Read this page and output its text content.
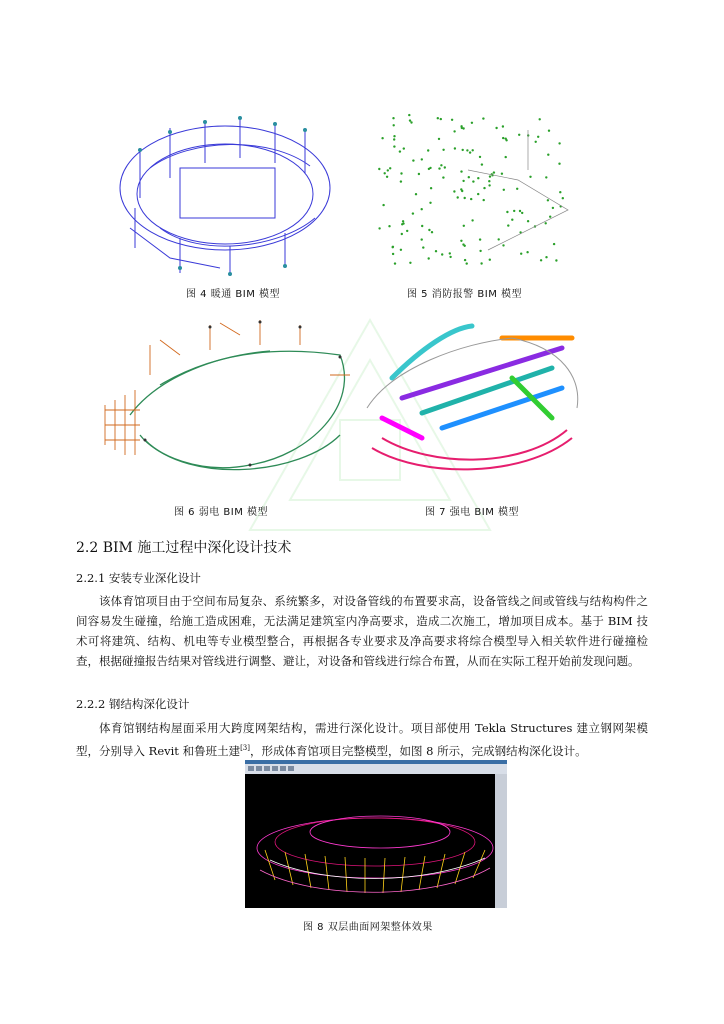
图 4 暖通 BIM 模型	图 5 消防报警 BIM 模型
图 6 弱电 BIM 模型	图 7 强电 BIM 模型
2.2 BIM 施工过程中深化设计技术
2.2.1 安装专业深化设计

该体育馆项目由于空间布局复杂、系统繁多，对设备管线的布置要求高，设备管线之间或管线与结构构件之间容易发生碰撞，给施工造成困难，无法满足建筑室内净高要求，造成二次施工，增加项目成本。基于 BIM 技术可将建筑、结构、机电等专业模型整合，再根据各专业要求及净高要求将综合模型导入相关软件进行碰撞检查，根据碰撞报告结果对管线进行调整、避让，对设备和管线进行综合布置，从而在实际工程开始前发现问题。

2.2.2 钢结构深化设计

体育馆钢结构屋面采用大跨度网架结构，需进行深化设计。项目部使用 Tekla Structures 建立钢网架模型，分别导入 Revit 和鲁班土建[3]，形成体育馆项目完整模型，如图 8 所示，完成钢结构深化设计。

图 8 双层曲面网架整体效果
